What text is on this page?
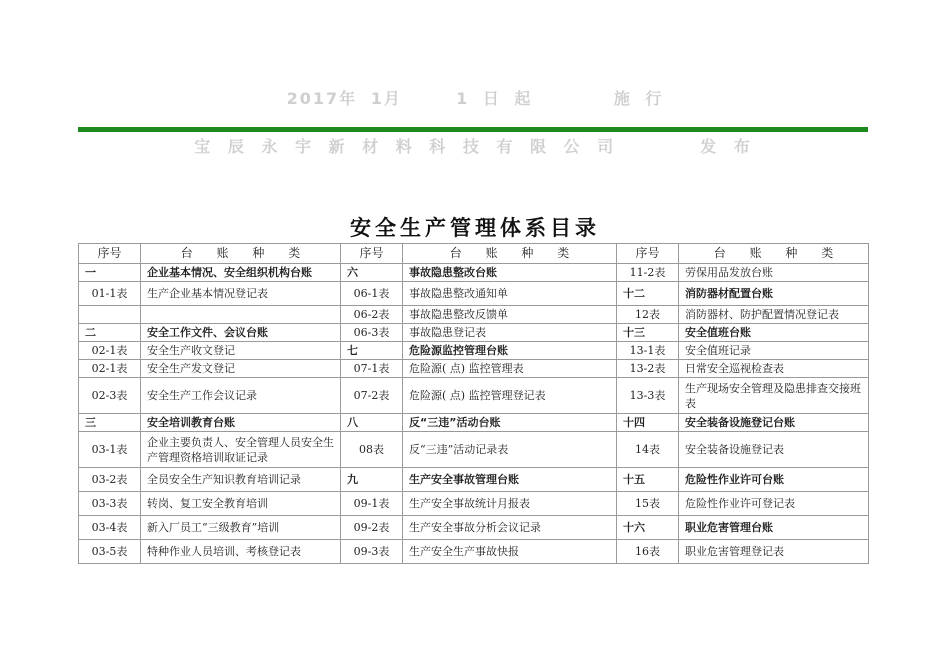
2017年 1月    1 日 起      施 行
宝 辰 永 宇 新 材 料 科 技 有 限 公 司       发 布
安全生产管理体系目录
序号	台 账 种 类	序号	台 账 种 类	序号	台 账 种 类
一	企业基本情况、安全组织机构台账	六	事故隐患整改台账	11-2表	劳保用品发放台账
01-1表	生产企业基本情况登记表	06-1表	事故隐患整改通知单	十二	消防器材配置台账
		06-2表	事故隐患整改反馈单	12表	消防器材、防护配置情况登记表
二	安全工作文件、会议台账	06-3表	事故隐患登记表	十三	安全值班台账
02-1表	安全生产收文登记	七	危险源监控管理台账	13-1表	安全值班记录
02-1表	安全生产发文登记	07-1表	危险源( 点) 监控管理表	13-2表	日常安全巡视检查表
02-3表	安全生产工作会议记录	07-2表	危险源( 点) 监控管理登记表	13-3表	生产现场安全管理及隐患排查交接班表
三	安全培训教育台账	八	反“三违”活动台账	十四	安全装备设施登记台账
03-1表	企业主要负责人、安全管理人员安全生产管理资格培训取证记录	08表	反“三违”活动记录表	14表	安全装备设施登记表
03-2表	全员安全生产知识教育培训记录	九	生产安全事故管理台账	十五	危险性作业许可台账
03-3表	转岗、复工安全教育培训	09-1表	生产安全事故统计月报表	15表	危险性作业许可登记表
03-4表	新入厂员工“三级教育”培训	09-2表	生产安全事故分析会议记录	十六	职业危害管理台账
03-5表	特种作业人员培训、考核登记表	09-3表	生产安全生产事故快报	16表	职业危害管理登记表
